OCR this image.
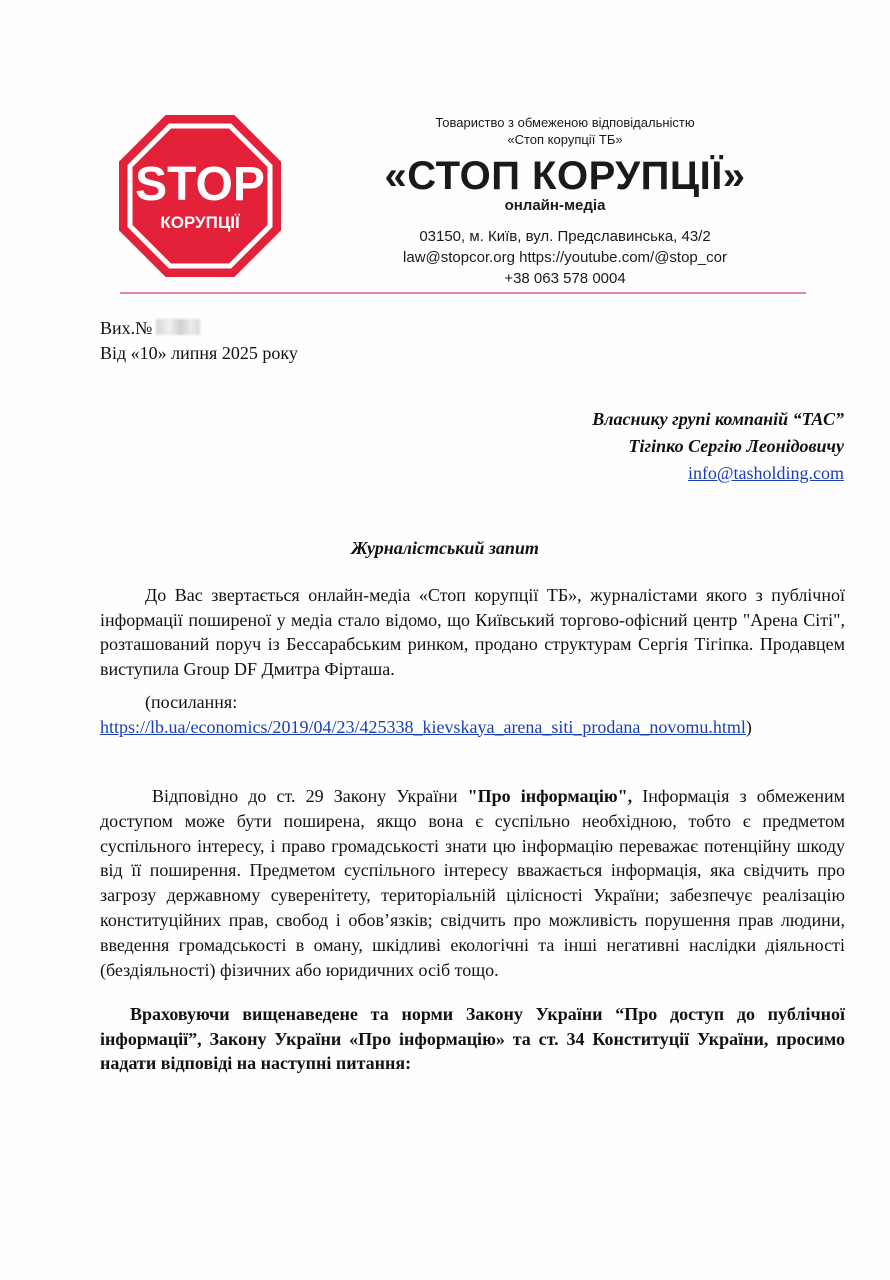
STOP
КОРУПЦІЇ
Товариство з обмеженою відповідальністю
«Стоп корупції ТБ»
«СТОП КОРУПЦІЇ»
онлайн-медіа
03150, м. Київ, вул. Предславинська, 43/2
law@stopcor.org https://youtube.com/@stop_cor
+38 063 578 0004
Вих.№
Від «10» липня 2025 року
Власнику групі компаній “ТАС”
Тігіпко Сергію Леонідовичу
info@tasholding.com
Журналістський запит
До Вас звертається онлайн-медіа «Стоп корупції ТБ», журналістами якого з публічної інформації поширеної у медіа стало відомо, що Київський торгово-офісний центр "Арена Сіті", розташований поруч із Бессарабським ринком, продано структурам Сергія Тігіпка. Продавцем виступила Group DF Дмитра Фірташа.
(посилання:
https://lb.ua/economics/2019/04/23/425338_kievskaya_arena_siti_prodana_novomu.html)
Відповідно до ст. 29 Закону України "Про інформацію", Інформація з обмеженим доступом може бути поширена, якщо вона є суспільно необхідною, тобто є предметом суспільного інтересу, і право громадськості знати цю інформацію переважає потенційну шкоду від її поширення. Предметом суспільного інтересу вважається інформація, яка свідчить про загрозу державному суверенітету, територіальній цілісності України; забезпечує реалізацію конституційних прав, свобод і обов’язків; свідчить про можливість порушення прав людини, введення громадськості в оману, шкідливі екологічні та інші негативні наслідки діяльності (бездіяльності) фізичних або юридичних осіб тощо.
Враховуючи вищенаведене та норми Закону України “Про доступ до публічної інформації”, Закону України «Про інформацію» та ст. 34 Конституції України, просимо надати відповіді на наступні питання:
